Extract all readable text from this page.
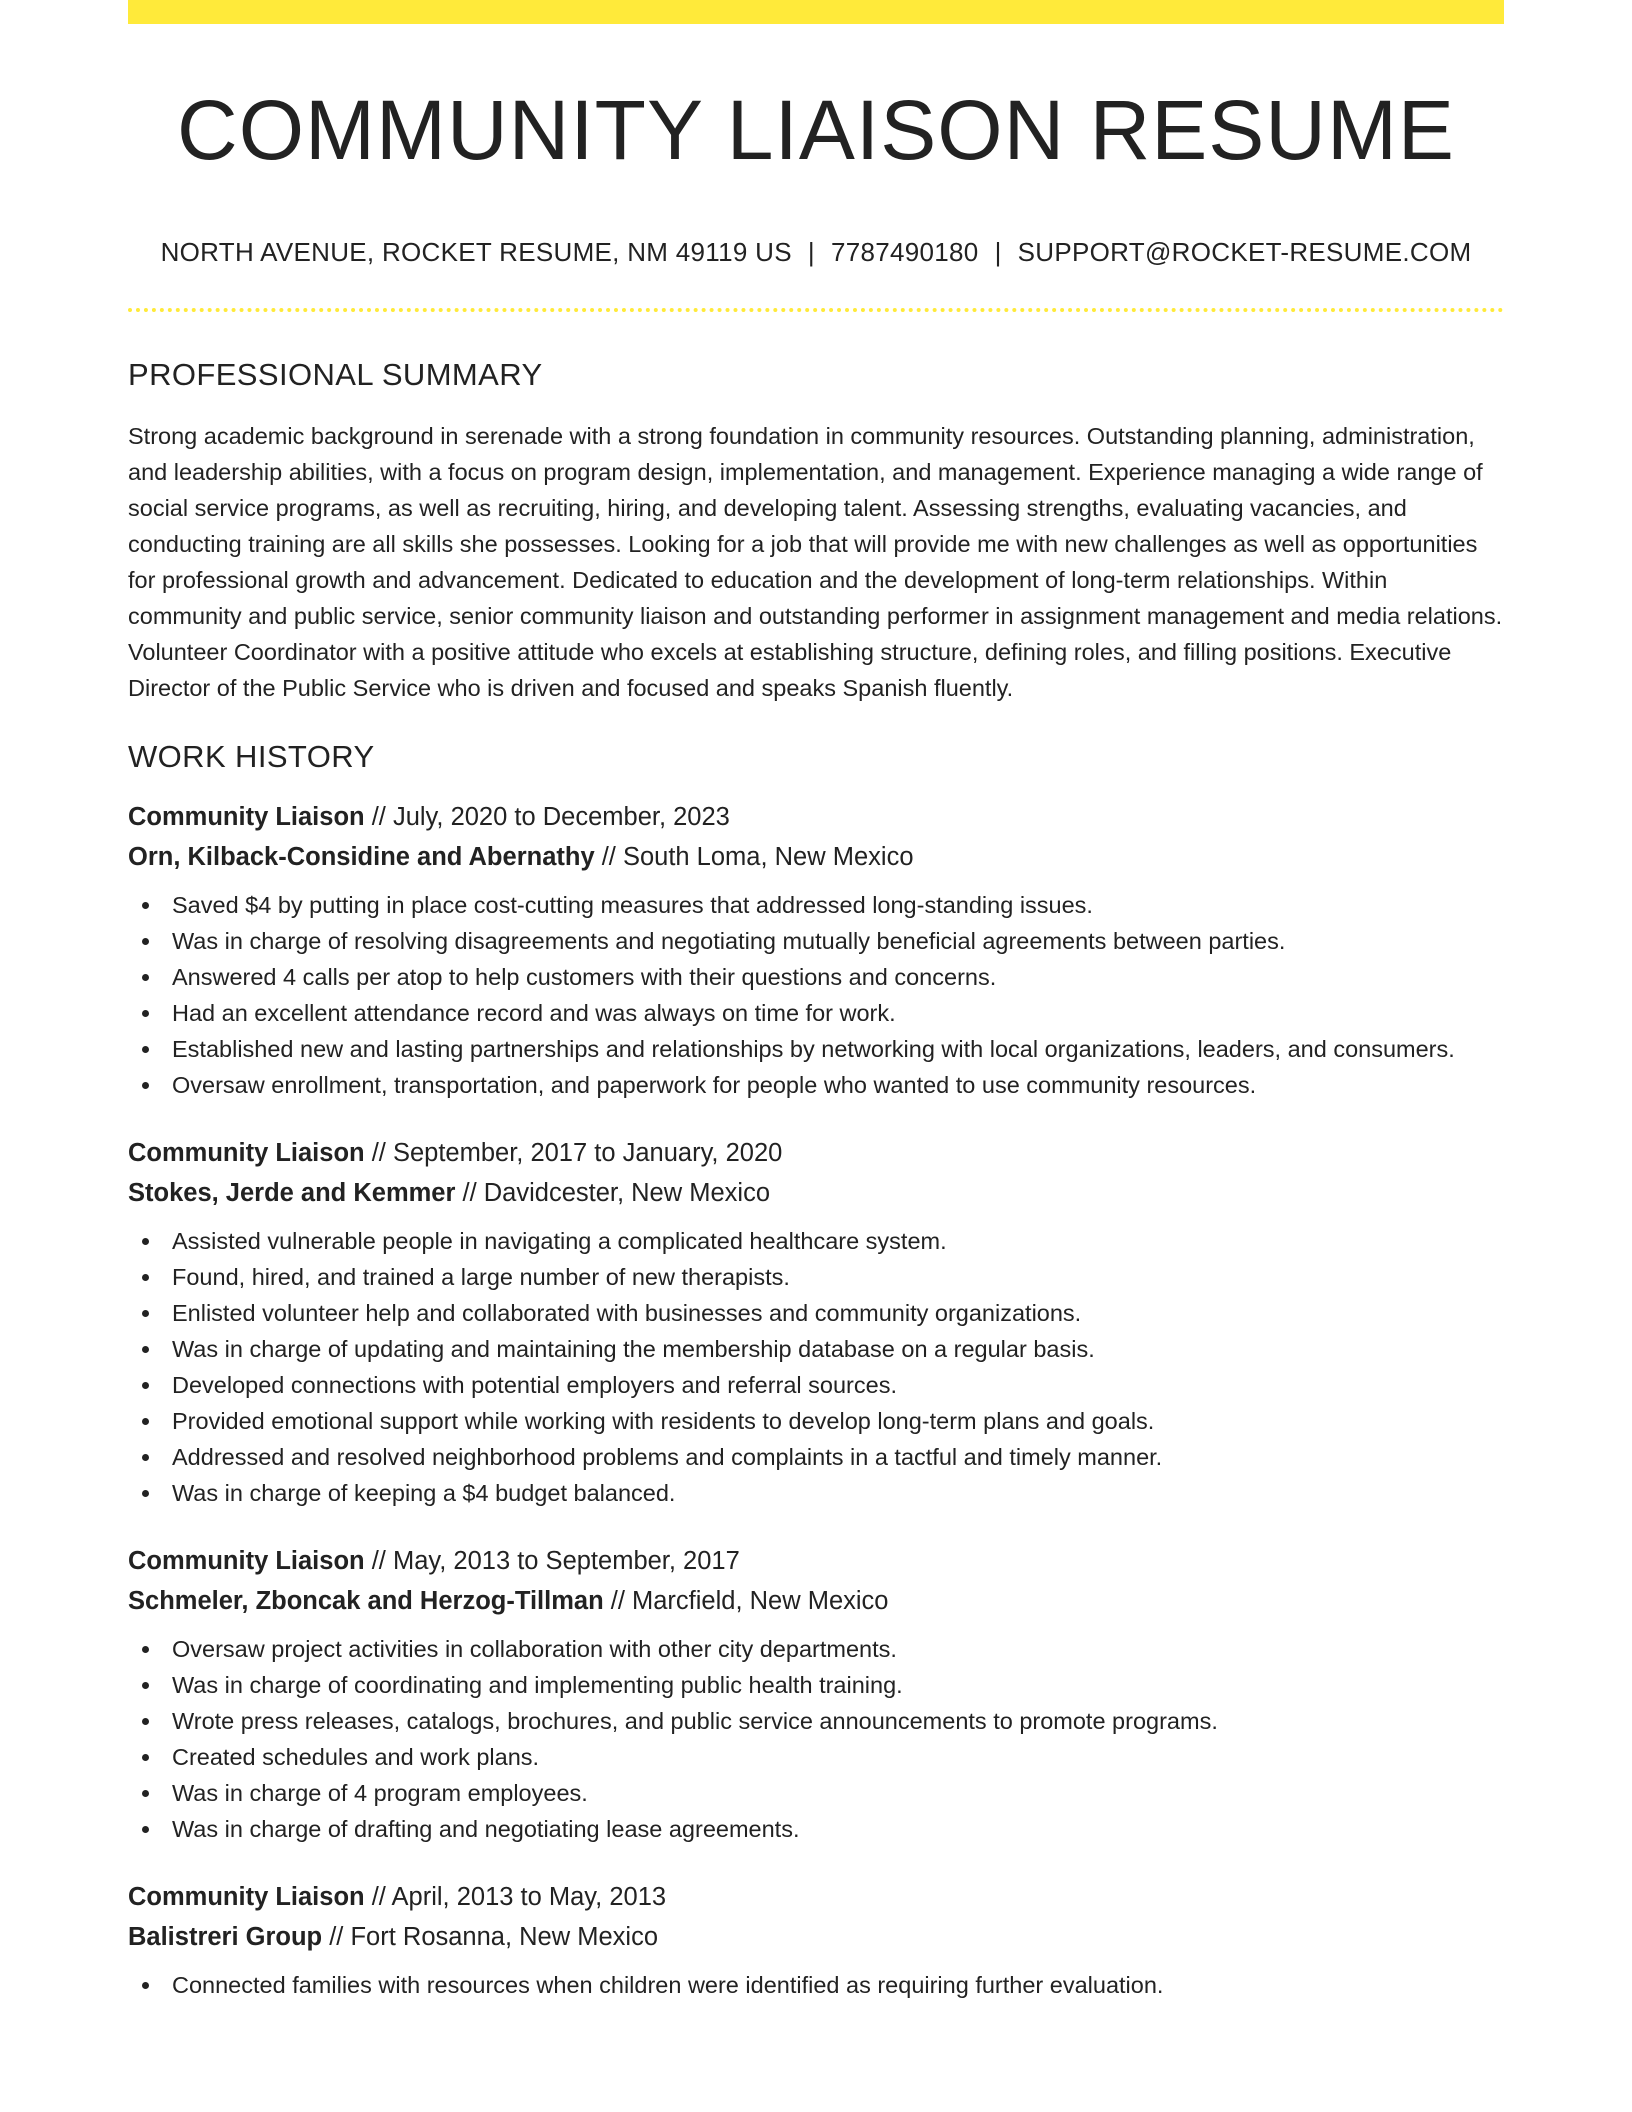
COMMUNITY LIAISON RESUME
NORTH AVENUE, ROCKET RESUME, NM 49119 US | 7787490180 | SUPPORT@ROCKET-RESUME.COM
PROFESSIONAL SUMMARY

Strong academic background in serenade with a strong foundation in community resources. Outstanding planning, administration, and leadership abilities, with a focus on program design, implementation, and management. Experience managing a wide range of social service programs, as well as recruiting, hiring, and developing talent. Assessing strengths, evaluating vacancies, and conducting training are all skills she possesses. Looking for a job that will provide me with new challenges as well as opportunities for professional growth and advancement. Dedicated to education and the development of long-term relationships. Within community and public service, senior community liaison and outstanding performer in assignment management and media relations. Volunteer Coordinator with a positive attitude who excels at establishing structure, defining roles, and filling positions. Executive Director of the Public Service who is driven and focused and speaks Spanish fluently.

WORK HISTORY
Community Liaison // July, 2020 to December, 2023
Orn, Kilback-Considine and Abernathy // South Loma, New Mexico
Saved $4 by putting in place cost-cutting measures that addressed long-standing issues.
Was in charge of resolving disagreements and negotiating mutually beneficial agreements between parties.
Answered 4 calls per atop to help customers with their questions and concerns.
Had an excellent attendance record and was always on time for work.
Established new and lasting partnerships and relationships by networking with local organizations, leaders, and consumers.
Oversaw enrollment, transportation, and paperwork for people who wanted to use community resources.
Community Liaison // September, 2017 to January, 2020
Stokes, Jerde and Kemmer // Davidcester, New Mexico
Assisted vulnerable people in navigating a complicated healthcare system.
Found, hired, and trained a large number of new therapists.
Enlisted volunteer help and collaborated with businesses and community organizations.
Was in charge of updating and maintaining the membership database on a regular basis.
Developed connections with potential employers and referral sources.
Provided emotional support while working with residents to develop long-term plans and goals.
Addressed and resolved neighborhood problems and complaints in a tactful and timely manner.
Was in charge of keeping a $4 budget balanced.
Community Liaison // May, 2013 to September, 2017
Schmeler, Zboncak and Herzog-Tillman // Marcfield, New Mexico
Oversaw project activities in collaboration with other city departments.
Was in charge of coordinating and implementing public health training.
Wrote press releases, catalogs, brochures, and public service announcements to promote programs.
Created schedules and work plans.
Was in charge of 4 program employees.
Was in charge of drafting and negotiating lease agreements.
Community Liaison // April, 2013 to May, 2013
Balistreri Group // Fort Rosanna, New Mexico
Connected families with resources when children were identified as requiring further evaluation.
